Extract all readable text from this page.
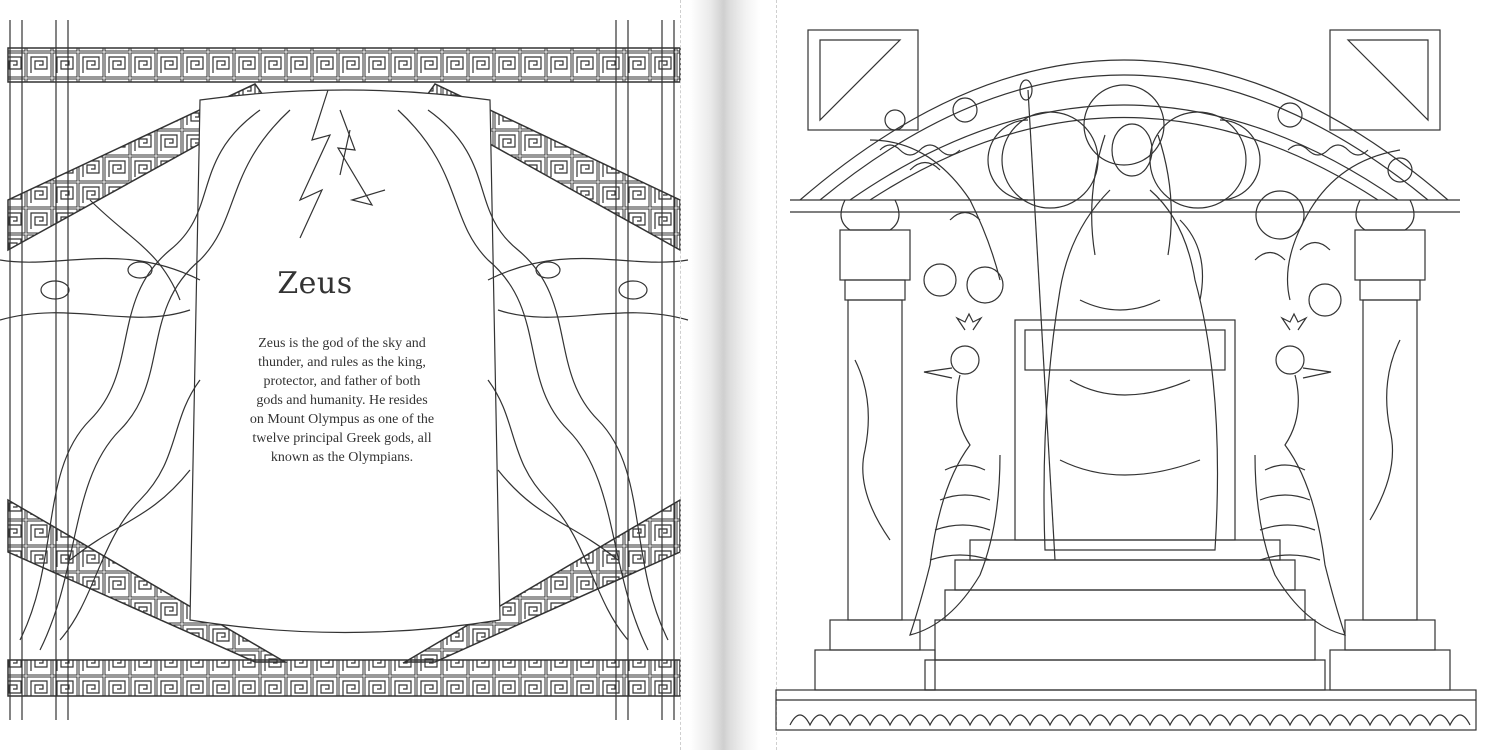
Zeus
Zeus is the god of the sky and
thunder, and rules as the king,
protector, and father of both
gods and humanity. He resides
on Mount Olympus as one of the
twelve principal Greek gods, all
known as the Olympians.
